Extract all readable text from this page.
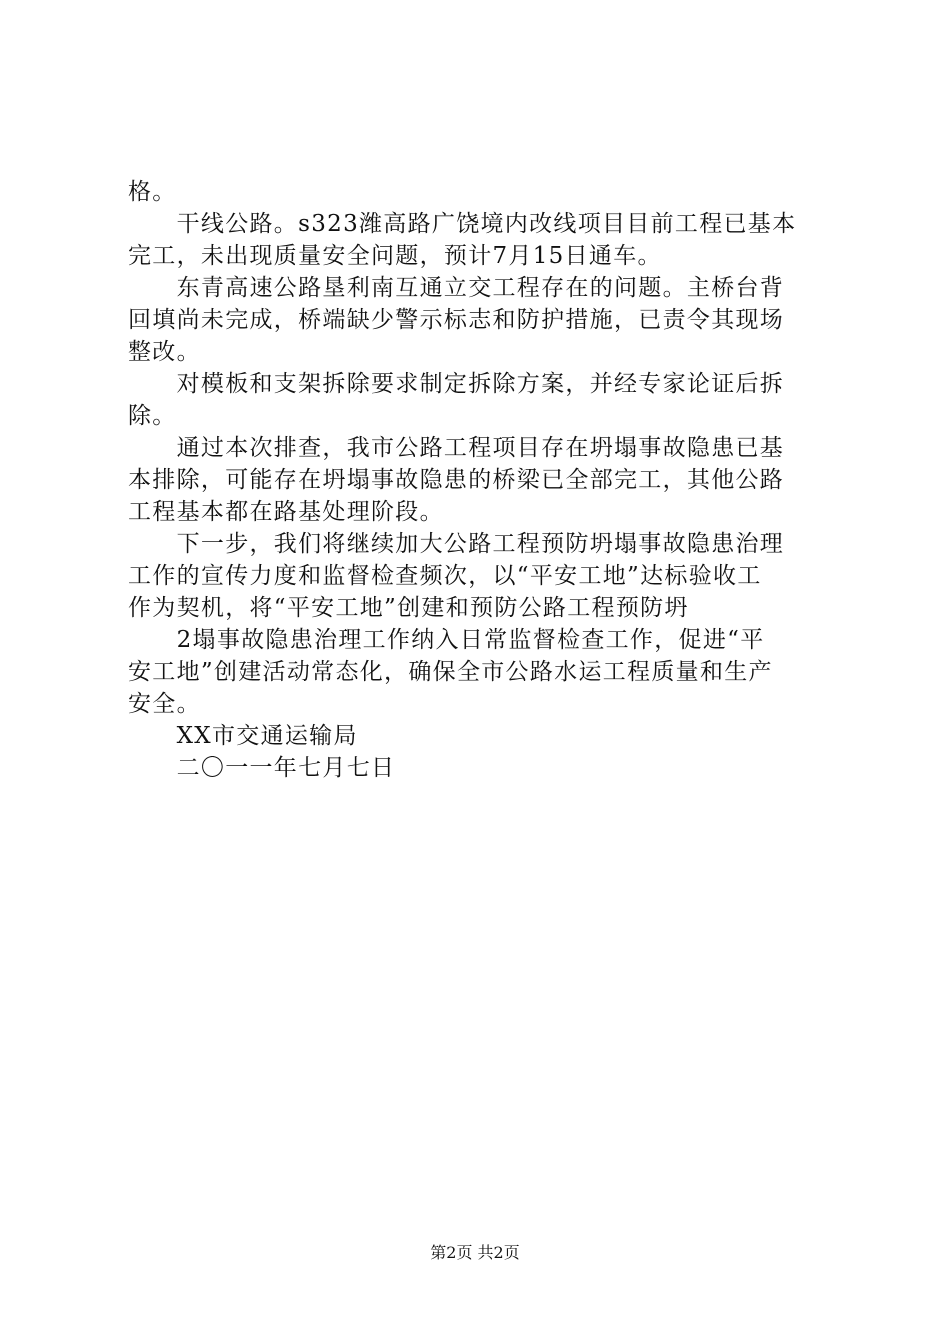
格。
　　干线公路。s323潍高路广饶境内改线项目目前工程已基本
完工，未出现质量安全问题，预计7月15日通车。
　　东青高速公路垦利南互通立交工程存在的问题。主桥台背
回填尚未完成，桥端缺少警示标志和防护措施，已责令其现场
整改。
　　对模板和支架拆除要求制定拆除方案，并经专家论证后拆
除。
　　通过本次排查，我市公路工程项目存在坍塌事故隐患已基
本排除，可能存在坍塌事故隐患的桥梁已全部完工，其他公路
工程基本都在路基处理阶段。
　　下一步，我们将继续加大公路工程预防坍塌事故隐患治理
工作的宣传力度和监督检查频次，以“平安工地”达标验收工
作为契机，将“平安工地”创建和预防公路工程预防坍
　　2塌事故隐患治理工作纳入日常监督检查工作，促进“平
安工地”创建活动常态化，确保全市公路水运工程质量和生产
安全。
　　XX市交通运输局
　　二〇一一年七月七日
第2页 共2页
